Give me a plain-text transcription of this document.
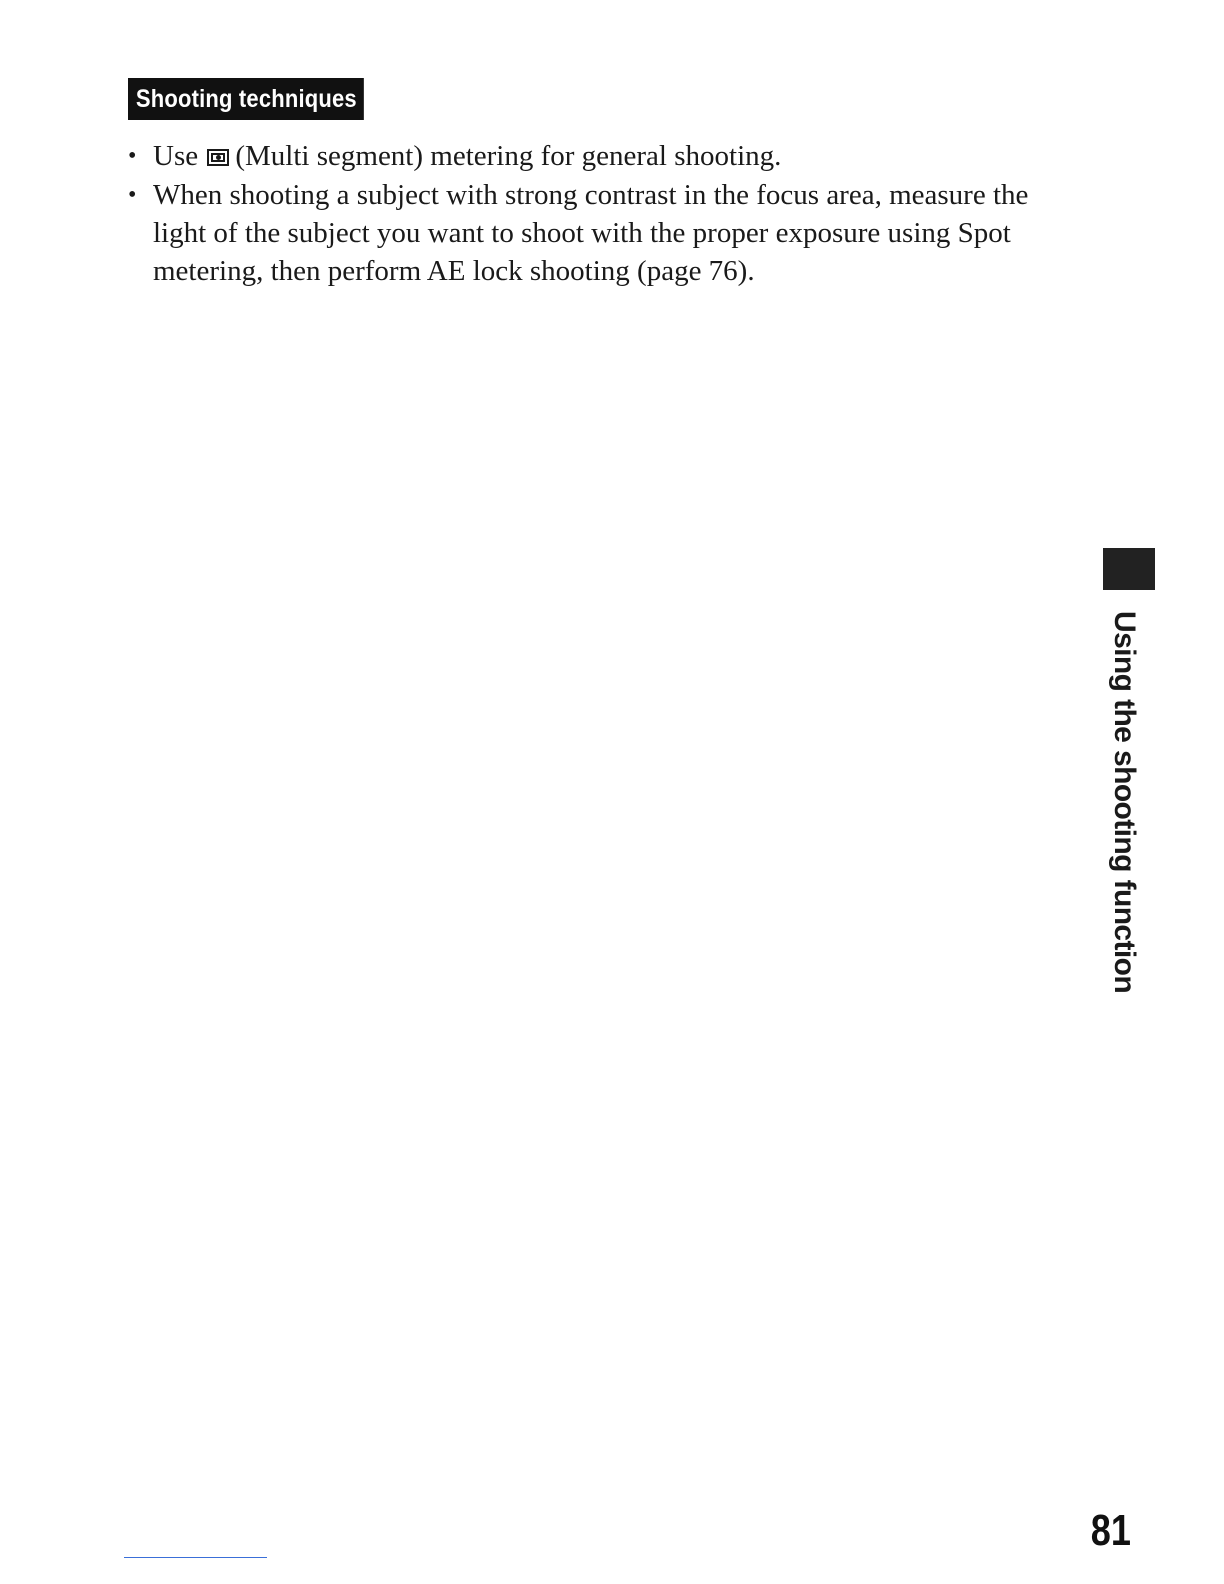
Shooting techniques
• Use (Multi segment) metering for general shooting.
• When shooting a subject with strong contrast in the focus area, measure the light of the subject you want to shoot with the proper exposure using Spot metering, then perform AE lock shooting (page 76).
Using the shooting function
81
